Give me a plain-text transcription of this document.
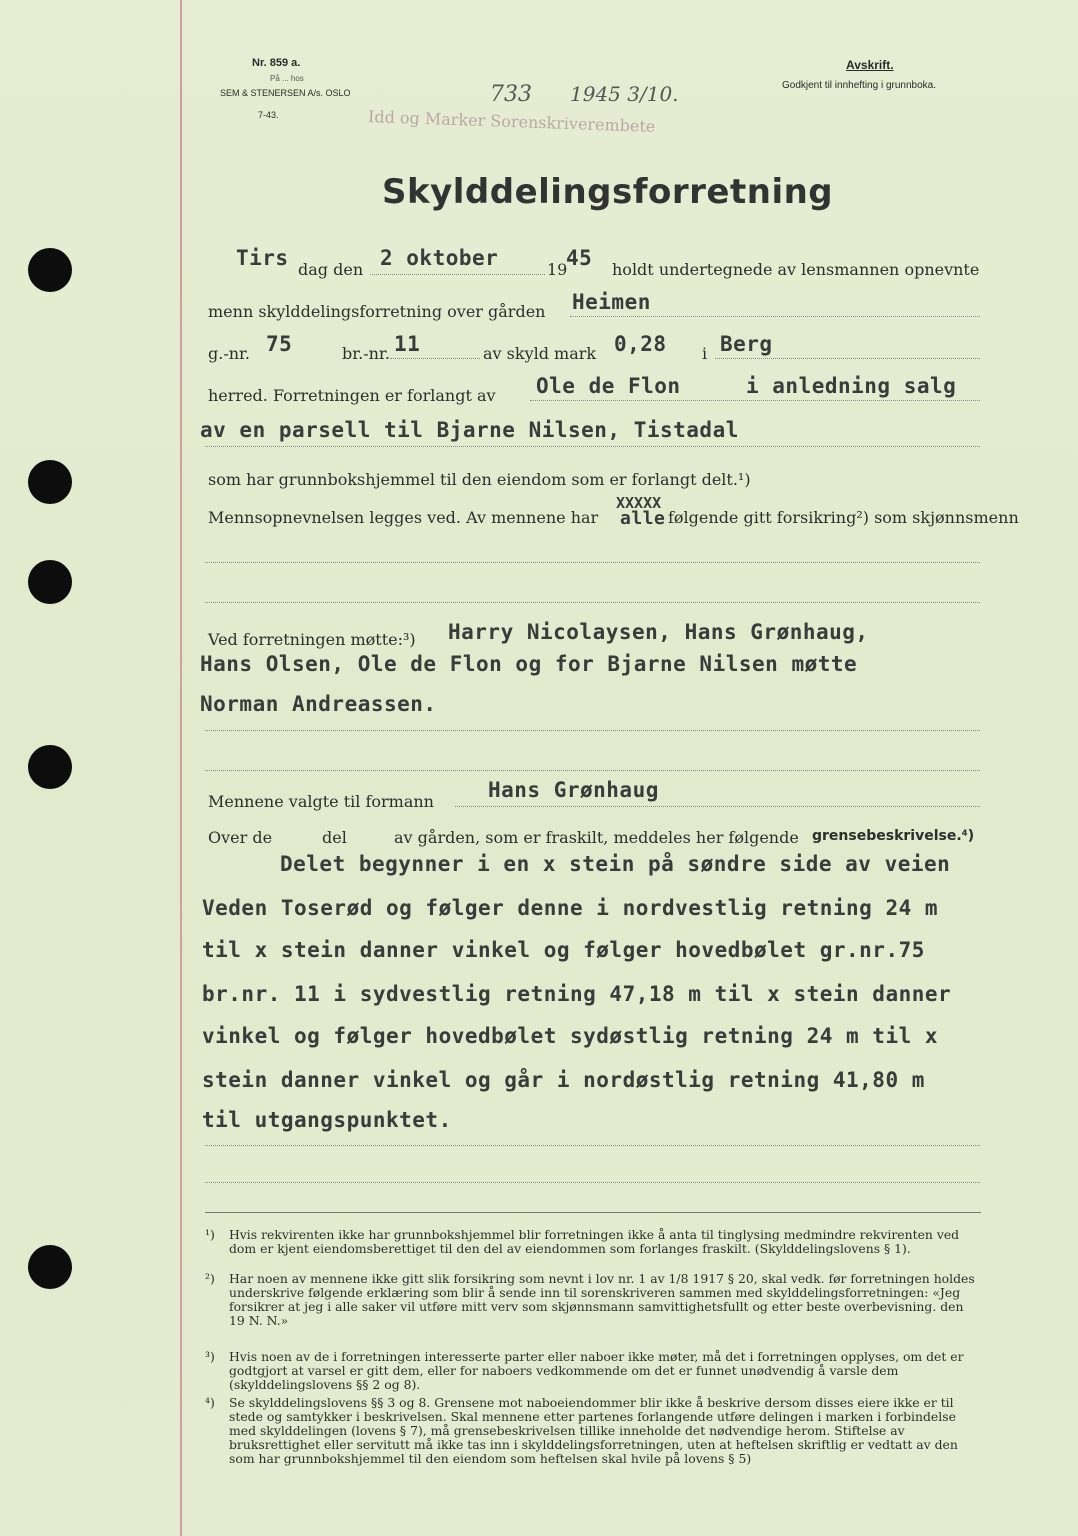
Nr. 859 a.
På ... hos
SEM & STENERSEN A/s. OSLO
7-43.	Idd og Marker Sorenskriverembete
733 1945 3/10.
Avskrift.
Godkjent til innhefting i grunnboka.
Skylddelingsforretning
Tirs dag den 2 oktober	19
45 holdt undertegnede av lensmannen opnevnte
menn skylddelingsforretning over gården Heimen
g.-nr. 75	br.-nr. 11	av skyld mark 0,28 i Berg
herred. Forretningen er forlangt av Ole de Flon	i anledning salg
av en parsell til Bjarne Nilsen, Tistadal
som har grunnbokshjemmel til den eiendom som er forlangt delt.¹)
Mennsopnevnelsen legges ved. Av mennene har
XXXXX
alle følgende gitt forsikring²) som skjønnsmenn
Ved forretningen møtte:³) Harry Nicolaysen, Hans Grønhaug,
Hans Olsen, Ole de Flon og for Bjarne Nilsen møtte
Norman Andreassen.
Mennene valgte til formann	Hans Grønhaug
Over de	del	av gården, som er fraskilt, meddeles her følgende grensebeskrivelse.⁴)
Delet begynner i en x stein på søndre side av veien
Veden Toserød og følger denne i nordvestlig retning 24 m
til x stein danner vinkel og følger hovedbølet gr.nr.75
br.nr. 11 i sydvestlig retning 47,18 m til x stein danner
vinkel og følger hovedbølet sydøstlig retning 24 m til x
stein danner vinkel og går i nordøstlig retning 41,80 m
til utgangspunktet.
¹) Hvis rekvirenten ikke har grunnbokshjemmel blir forretningen ikke å anta til tinglysing medmindre rekvirenten ved dom er kjent eiendomsberettiget til den del av eiendommen som forlanges fraskilt. (Skylddelingslovens § 1).
²) Har noen av mennene ikke gitt slik forsikring som nevnt i lov nr. 1 av 1/8 1917 § 20, skal vedk. før forretningen holdes underskrive følgende erklæring som blir å sende inn til sorenskriveren sammen med skylddelingsforretningen: «Jeg forsikrer at jeg i alle saker vil utføre mitt verv som skjønnsmann samvittighetsfullt og etter beste overbevisning. den 19 N. N.»
³) Hvis noen av de i forretningen interesserte parter eller naboer ikke møter, må det i forretningen opplyses, om det er godtgjort at varsel er gitt dem, eller for naboers vedkommende om det er funnet unødvendig å varsle dem (skylddelingslovens §§ 2 og 8).
⁴) Se skylddelingslovens §§ 3 og 8. Grensene mot naboeiendommer blir ikke å beskrive dersom disses eiere ikke er til stede og samtykker i beskrivelsen. Skal mennene etter partenes forlangende utføre delingen i marken i forbindelse med skylddelingen (lovens § 7), må grensebeskrivelsen tillike inneholde det nødvendige herom. Stiftelse av bruksrettighet eller servitutt må ikke tas inn i skylddelingsforretningen, uten at heftelsen skriftlig er vedtatt av den som har grunnbokshjemmel til den eiendom som heftelsen skal hvile på lovens § 5)
